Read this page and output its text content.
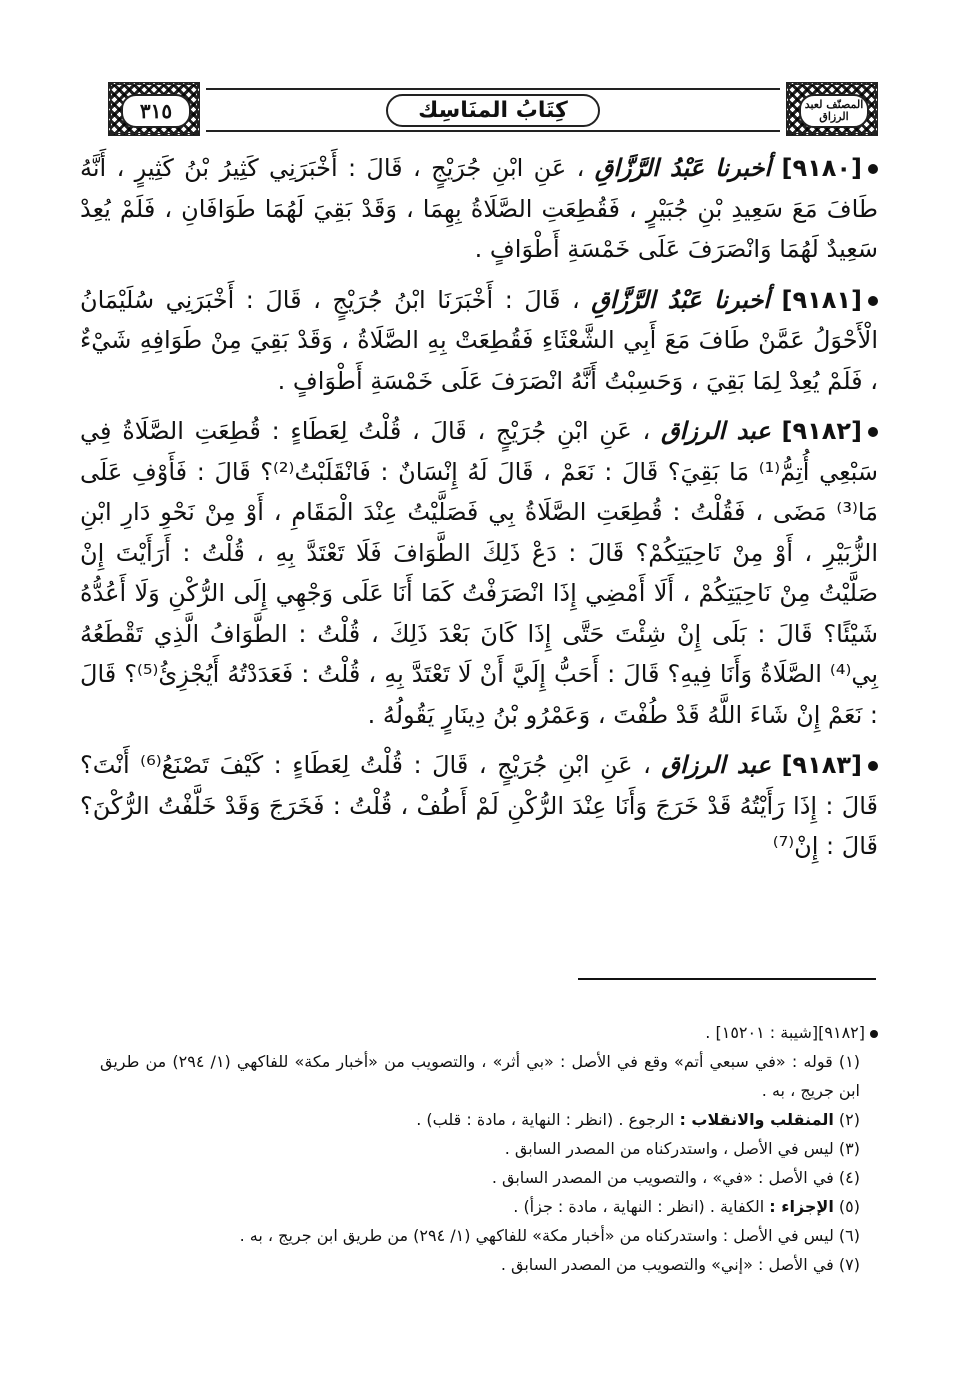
٣١٥	كِتَابُ المنَاسِك	المصنّف لعبد الرزاق

[٩١٨٠] أخبرنا عَبْدُ الرَّزَّاقِ ، عَنِ ابْنِ جُرَيْجٍ ، قَالَ : أَخْبَرَنِي كَثِيرُ بْنُ كَثِيرٍ ، أَنَّهُ طَافَ مَعَ سَعِيدِ بْنِ جُبَيْرٍ ، فَقُطِعَتِ الصَّلَاةُ بِهِمَا ، وَقَدْ بَقِيَ لَهُمَا طَوَافَانِ ، فَلَمْ يُعِدْ سَعِيدٌ لَهُمَا وَانْصَرَفَ عَلَى خَمْسَةِ أَطْوَافٍ .

[٩١٨١] أخبرنا عَبْدُ الرَّزَّاقِ ، قَالَ : أَخْبَرَنَا ابْنُ جُرَيْجٍ ، قَالَ : أَخْبَرَنِي سُلَيْمَانُ الْأَحْوَلُ عَمَّنْ طَافَ مَعَ أَبِي الشَّعْثَاءِ فَقُطِعَتْ بِهِ الصَّلَاةُ ، وَقَدْ بَقِيَ مِنْ طَوَافِهِ شَيْءٌ ، فَلَمْ يُعِدْ لِمَا بَقِيَ ، وَحَسِبْتُ أَنَّهُ انْصَرَفَ عَلَى خَمْسَةِ أَطْوَافٍ .

[٩١٨٢] عبد الرزاق ، عَنِ ابْنِ جُرَيْجٍ ، قَالَ ، قُلْتُ لِعَطَاءٍ : قُطِعَتِ الصَّلَاةُ فِي سَبْعِي أُتِمُّ⁽¹⁾ مَا بَقِيَ؟ قَالَ : نَعَمْ ، قَالَ لَهُ إِنْسَانٌ : فَانْقَلَبْتُ⁽²⁾؟ قَالَ : فَأَوْفِ عَلَى مَا⁽³⁾ مَضَى ، فَقُلْتُ : قُطِعَتِ الصَّلَاةُ بِي فَصَلَّيْتُ عِنْدَ الْمَقَامِ ، أَوْ مِنْ نَحْوِ دَارِ ابْنِ الزُّبَيْرِ ، أَوْ مِنْ نَاحِيَتِكُمْ؟ قَالَ : دَعْ ذَلِكَ الطَّوَافَ فَلَا تَعْتَدَّ بِهِ ، قُلْتُ : أَرَأَيْتَ إِنْ صَلَّيْتُ مِنْ نَاحِيَتِكُمْ ، أَلَا أَمْضِي إِذَا انْصَرَفْتُ كَمَا أَنَا عَلَى وَجْهِي إِلَى الرُّكْنِ وَلَا أَعُدُّهُ شَيْئًا؟ قَالَ : بَلَى إِنْ شِئْتَ حَتَّى إِذَا كَانَ بَعْدَ ذَلِكَ ، قُلْتُ : الطَّوَافُ الَّذِي تَقْطَعُهُ بِي⁽⁴⁾ الصَّلَاةُ وَأَنَا فِيهِ؟ قَالَ : أَحَبُّ إِلَيَّ أَنْ لَا تَعْتَدَّ بِهِ ، قُلْتُ : فَعَدَدْتُهُ أَيُجْزِئُ⁽⁵⁾؟ قَالَ : نَعَمْ إِنْ شَاءَ اللَّهُ قَدْ طُفْتَ ، وَعَمْرُو بْنُ دِينَارٍ يَقُولُهُ .

[٩١٨٣] عبد الرزاق ، عَنِ ابْنِ جُرَيْجٍ ، قَالَ : قُلْتُ لِعَطَاءٍ : كَيْفَ تَصْنَعُ⁽⁶⁾ أَنْتَ؟ قَالَ : إِذَا رَأَيْتُهُ قَدْ خَرَجَ وَأَنَا عِنْدَ الرُّكْنِ لَمْ أَطُفْ ، قُلْتُ : فَخَرَجَ وَقَدْ خَلَّفْتُ الرُّكْنَ؟ قَالَ : إِنْ⁽⁷⁾

[٩١٨٢][شيبة : ١٥٢٠١] .

(١) قوله : «في سبعي أتم» وقع في الأصل : «بي أثر» ، والتصويب من «أخبار مكة» للفاكهي (١/ ٢٩٤) من طريق ابن جريج ، به .

(٢) المنقلب والانقلاب : الرجوع . (انظر : النهاية ، مادة : قلب) .

(٣) ليس في الأصل ، واستدركناه من المصدر السابق .

(٤) في الأصل : «في» ، والتصويب من المصدر السابق .

(٥) الإجزاء : الكفاية . (انظر : النهاية ، مادة : جزأ) .

(٦) ليس في الأصل : واستدركناه من «أخبار مكة» للفاكهي (١/ ٢٩٤) من طريق ابن جريج ، به .

(٧) في الأصل : «إني» والتصويب من المصدر السابق .
